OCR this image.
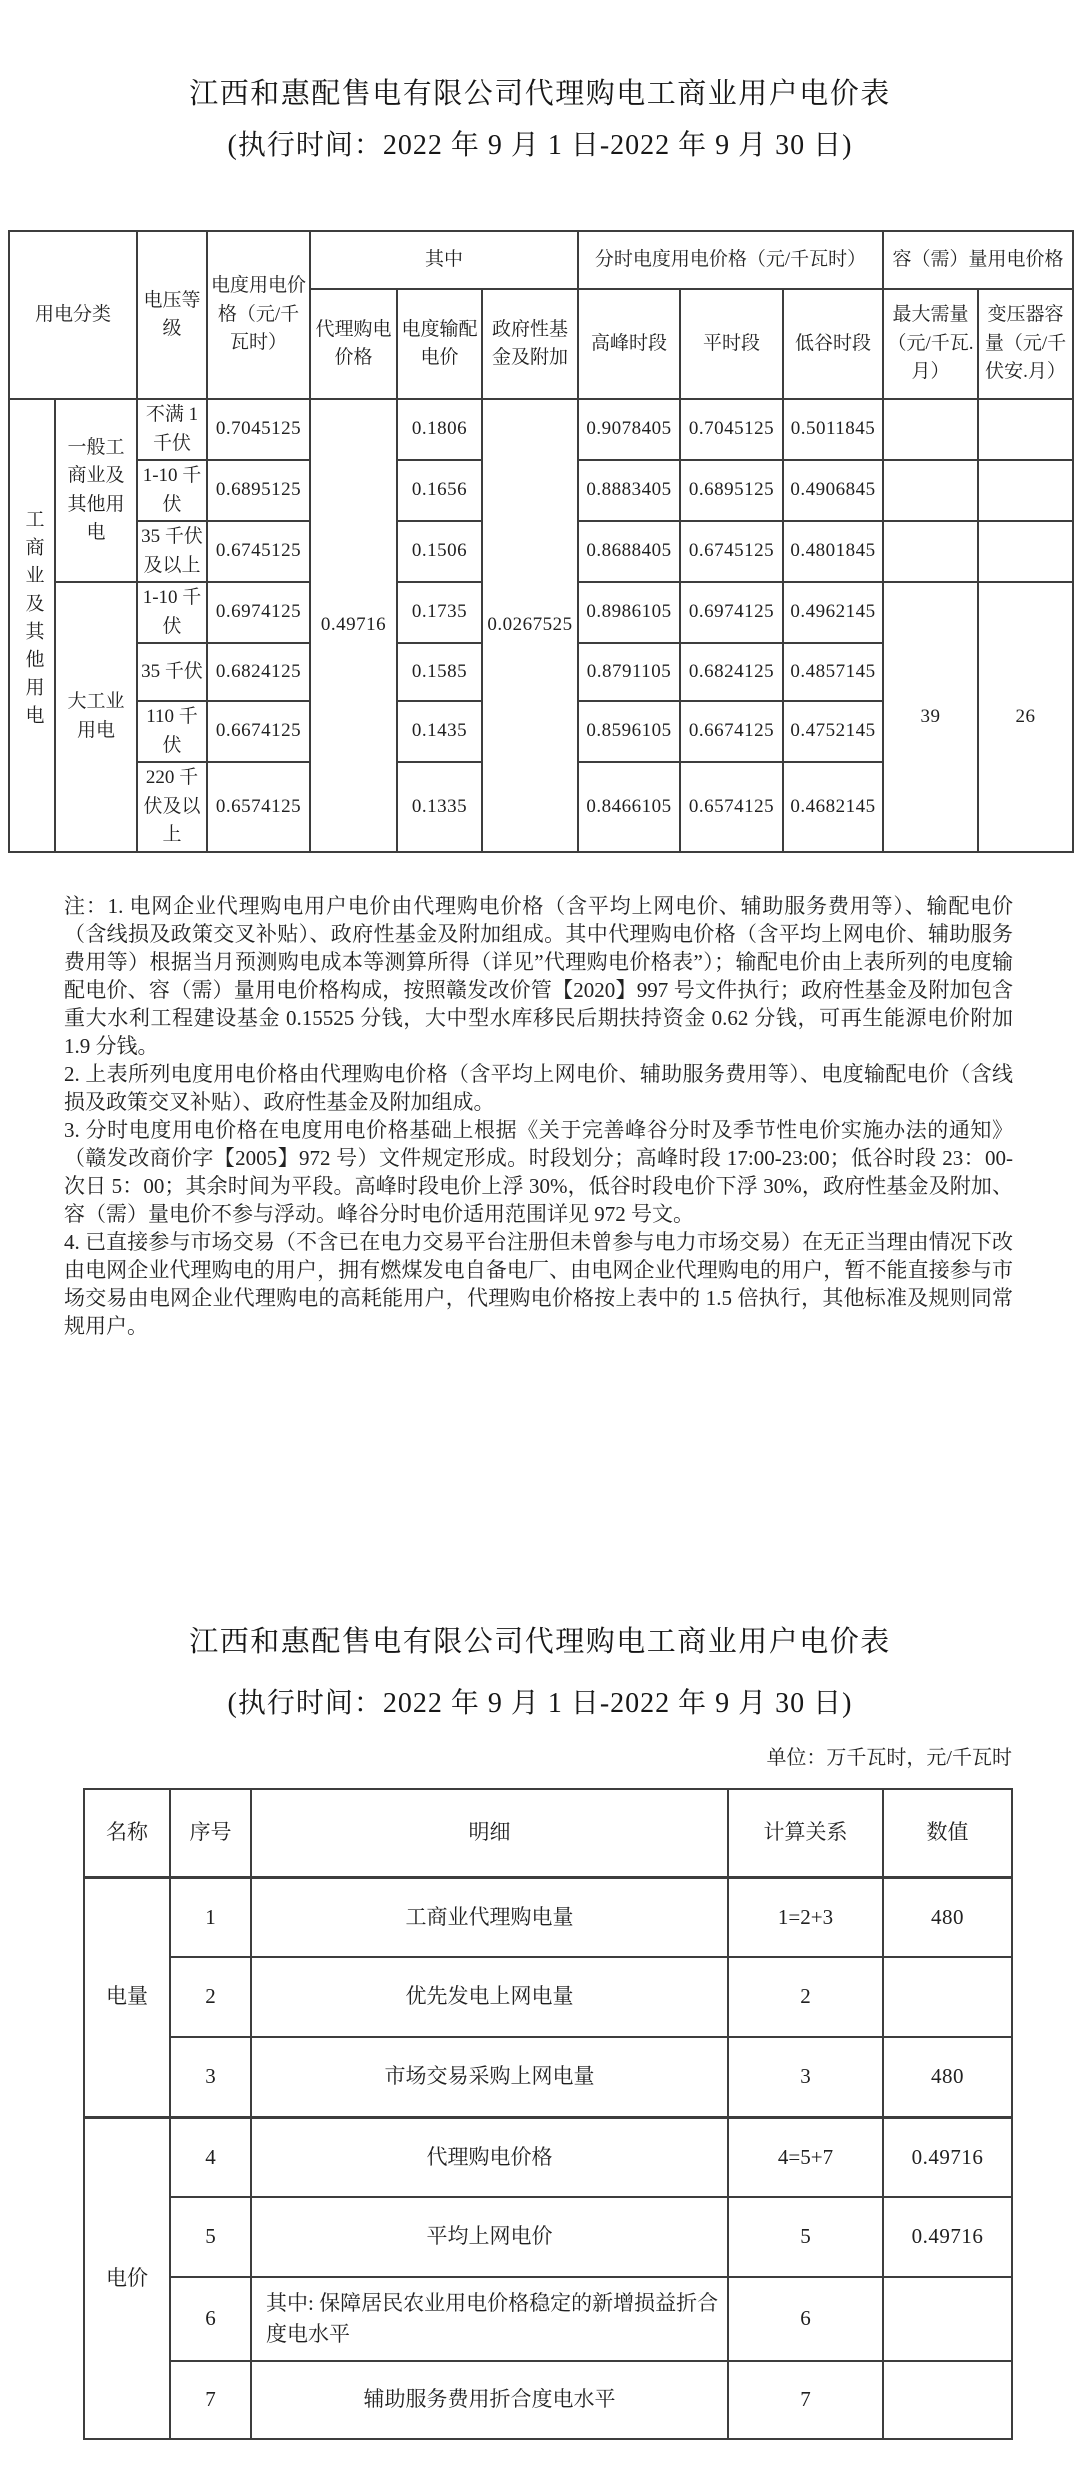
江西和惠配售电有限公司代理购电工商业用户电价表
(执行时间：2022 年 9 月 1 日-2022 年 9 月 30 日)
用电分类		电压等级	电度用电价格（元/千瓦时）	其中			分时电度用电价格（元/千瓦时）			容（需）量用电价格	
				代理购电价格	电度输配电价	政府性基金及附加	高峰时段	平时段	低谷时段	最大需量（元/千瓦.月）	变压器容量（元/千伏安.月）
工商业及其他用电	一般工商业及其他用电	不满 1 千伏	0.7045125	0.49716	0.1806	0.0267525	0.9078405	0.7045125	0.5011845		
		1-10 千伏	0.6895125		0.1656		0.8883405	0.6895125	0.4906845		
		35 千伏及以上	0.6745125		0.1506		0.8688405	0.6745125	0.4801845		
	大工业用电	1-10 千伏	0.6974125		0.1735		0.8986105	0.6974125	0.4962145	39	26
		35 千伏	0.6824125		0.1585		0.8791105	0.6824125	0.4857145		
		110 千伏	0.6674125		0.1435		0.8596105	0.6674125	0.4752145		
		220 千伏及以上	0.6574125		0.1335		0.8466105	0.6574125	0.4682145		

注：1. 电网企业代理购电用户电价由代理购电价格（含平均上网电价、辅助服务费用等）、输配电价（含线损及政策交叉补贴）、政府性基金及附加组成。其中代理购电价格（含平均上网电价、辅助服务费用等）根据当月预测购电成本等测算所得（详见”代理购电价格表”）；输配电价由上表所列的电度输配电价、容（需）量用电价格构成，按照赣发改价管【2020】997 号文件执行；政府性基金及附加包含重大水利工程建设基金 0.15525 分钱，大中型水库移民后期扶持资金 0.62 分钱，可再生能源电价附加 1.9 分钱。

2. 上表所列电度用电价格由代理购电价格（含平均上网电价、辅助服务费用等）、电度输配电价（含线损及政策交叉补贴）、政府性基金及附加组成。

3. 分时电度用电价格在电度用电价格基础上根据《关于完善峰谷分时及季节性电价实施办法的通知》（赣发改商价字【2005】972 号）文件规定形成。时段划分；高峰时段 17:00-23:00；低谷时段 23：00-次日 5：00；其余时间为平段。高峰时段电价上浮 30%，低谷时段电价下浮 30%，政府性基金及附加、容（需）量电价不参与浮动。峰谷分时电价适用范围详见 972 号文。

4. 已直接参与市场交易（不含已在电力交易平台注册但未曾参与电力市场交易）在无正当理由情况下改由电网企业代理购电的用户，拥有燃煤发电自备电厂、由电网企业代理购电的用户，暂不能直接参与市场交易由电网企业代理购电的高耗能用户，代理购电价格按上表中的 1.5 倍执行，其他标准及规则同常规用户。

江西和惠配售电有限公司代理购电工商业用户电价表
(执行时间：2022 年 9 月 1 日-2022 年 9 月 30 日)
单位：万千瓦时，元/千瓦时
名称	序号	明细	计算关系	数值
电量	1	工商业代理购电量	1=2+3	480
	2	优先发电上网电量	2	
	3	市场交易采购上网电量	3	480
电价	4	代理购电价格	4=5+7	0.49716
	5	平均上网电价	5	0.49716
	6	其中: 保障居民农业用电价格稳定的新增损益折合度电水平	6	
	7	辅助服务费用折合度电水平	7	
